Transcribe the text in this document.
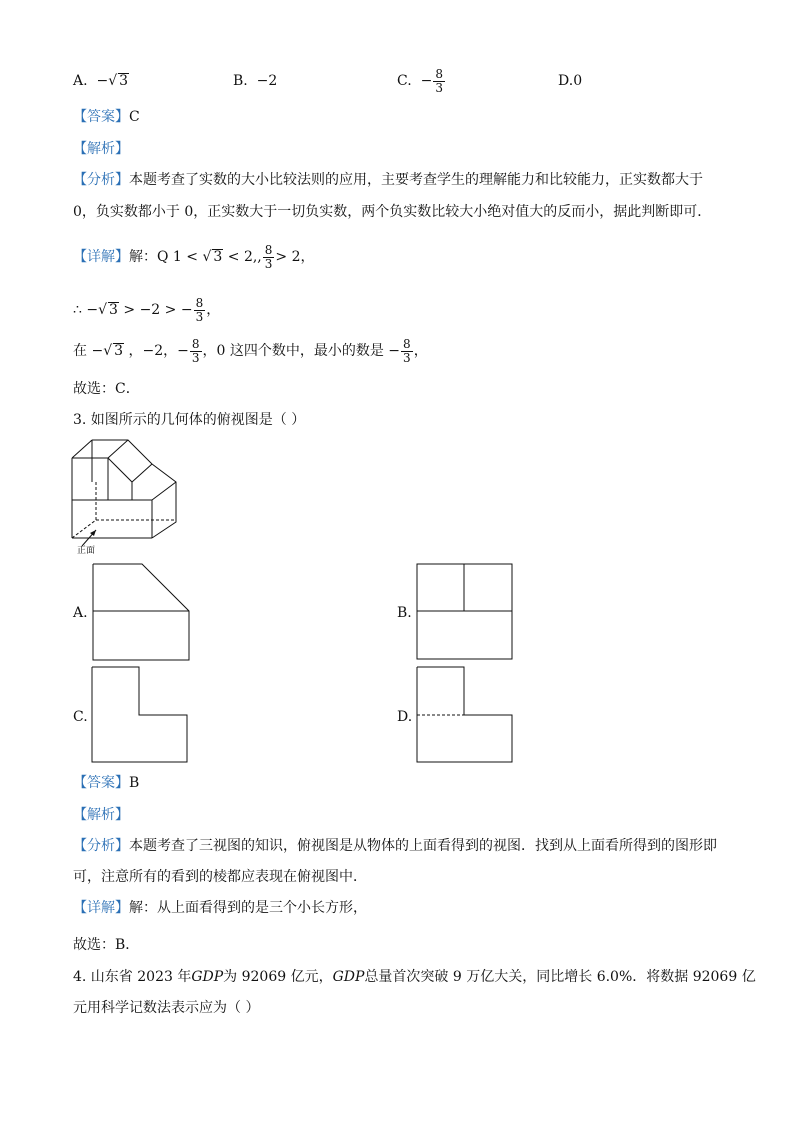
A. −√ 3	B. −2	C. − $\frac{8}{3}$	D.0
【答案】C
【解析】
【分析】本题考查了实数的大小比较法则的应用，主要考查学生的理解能力和比较能力，正实数都大于
0，负实数都小于 0，正实数大于一切负实数，两个负实数比较大小绝对值大的反而小，据此判断即可．
【详解】解：Q 1 < √ 3 < 2,, $\frac{8}{3} > 2$，
∴ −√ 3 > −2 > − $\frac{8}{3}$ ，
在 −√ 3 ，−2，− $\frac{8}{3}$ ，0 这四个数中，最小的数是 − $\frac{8}{3}$ ，
故选：C．
3. 如图所示的几何体的俯视图是（ ）
正面
A.	B.
C.	D.
【答案】B
【解析】
【分析】本题考查了三视图的知识，俯视图是从物体的上面看得到的视图．找到从上面看所得到的图形即
可，注意所有的看到的棱都应表现在俯视图中．
【详解】解：从上面看得到的是三个小长方形，
故选：B．
4. 山东省 2023 年GDP为 92069 亿元，GDP总量首次突破 9 万亿大关，同比增长 6.0%．将数据 92069 亿
元用科学记数法表示应为（ ）
